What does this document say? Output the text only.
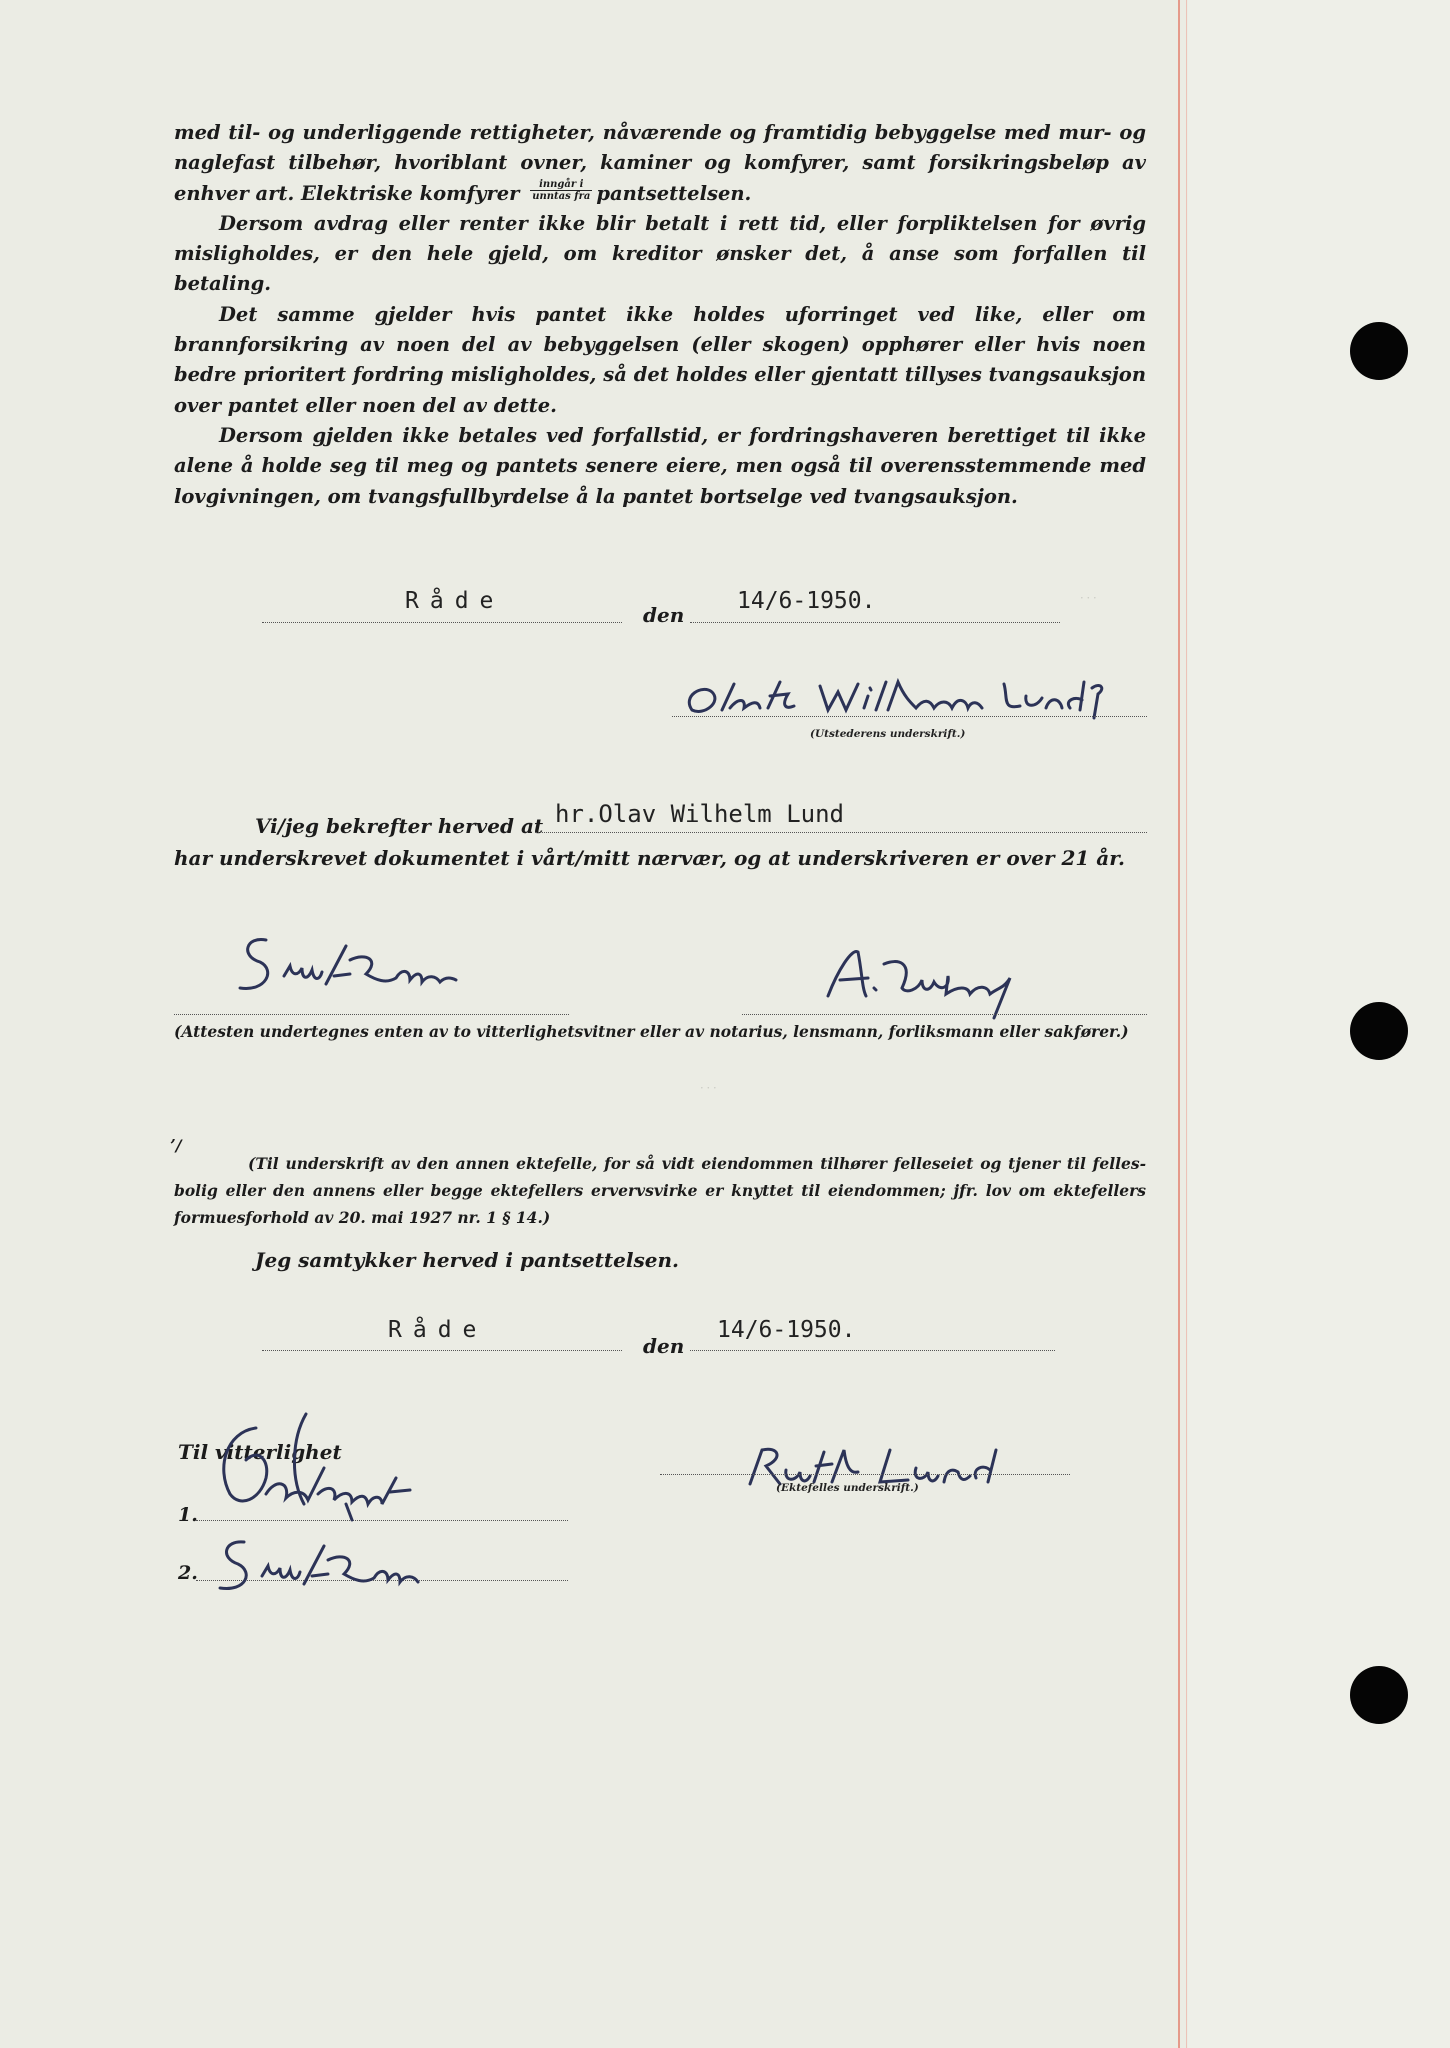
· · ·
· · ·

med til- og underliggende rettigheter, nåværende og framtidig bebyggelse med mur- og naglefast tilbehør, hvoriblant ovner, kaminer og komfyrer, samt forsikringsbeløp av enhver art. Elektriske komfyrer $\frac{\text{inngår i}}{\text{unntas fra}}$ pantsettelsen.

Dersom avdrag eller renter ikke blir betalt i rett tid, eller forpliktelsen for øvrig misligholdes, er den hele gjeld, om kreditor ønsker det, å anse som forfallen til betaling.

Det samme gjelder hvis pantet ikke holdes uforringet ved like, eller om brannforsikring av noen del av bebyggelsen (eller skogen) opphører eller hvis noen bedre prioritert fordring misligholdes, så det holdes eller gjentatt tillyses tvangsauksjon over pantet eller noen del av dette.

Dersom gjelden ikke betales ved forfallstid, er fordringshaveren berettiget til ikke alene å holde seg til meg og pantets senere eiere, men også til overensstemmende med lovgivningen, om tvangsfullbyrdelse å la pantet bortselge ved tvangsauksjon.

Råde
den
14/6-1950.
(Utstederens underskrift.)
Vi/jeg bekrefter herved at hr.Olav Wilhelm Lund
har underskrevet dokumentet i vårt/mitt nærvær, og at underskriveren er over 21 år.
(Attesten undertegnes enten av to vitterlighetsvitner eller av notarius, lensmann, forliksmann eller sakfører.)
ʼ/
(Til underskrift av den annen ektefelle, for så vidt eiendommen tilhører felleseiet og tjener til fellesbolig eller den annens eller begge ektefellers ervervsvirke er knyttet til eiendommen; jfr. lov om ektefellers formuesforhold av 20. mai 1927 nr. 1 § 14.)
Jeg samtykker herved i pantsettelsen.
Råde
den
14/6-1950.
Til vitterlighet
1.
2.
(Ektefelles underskrift.)
